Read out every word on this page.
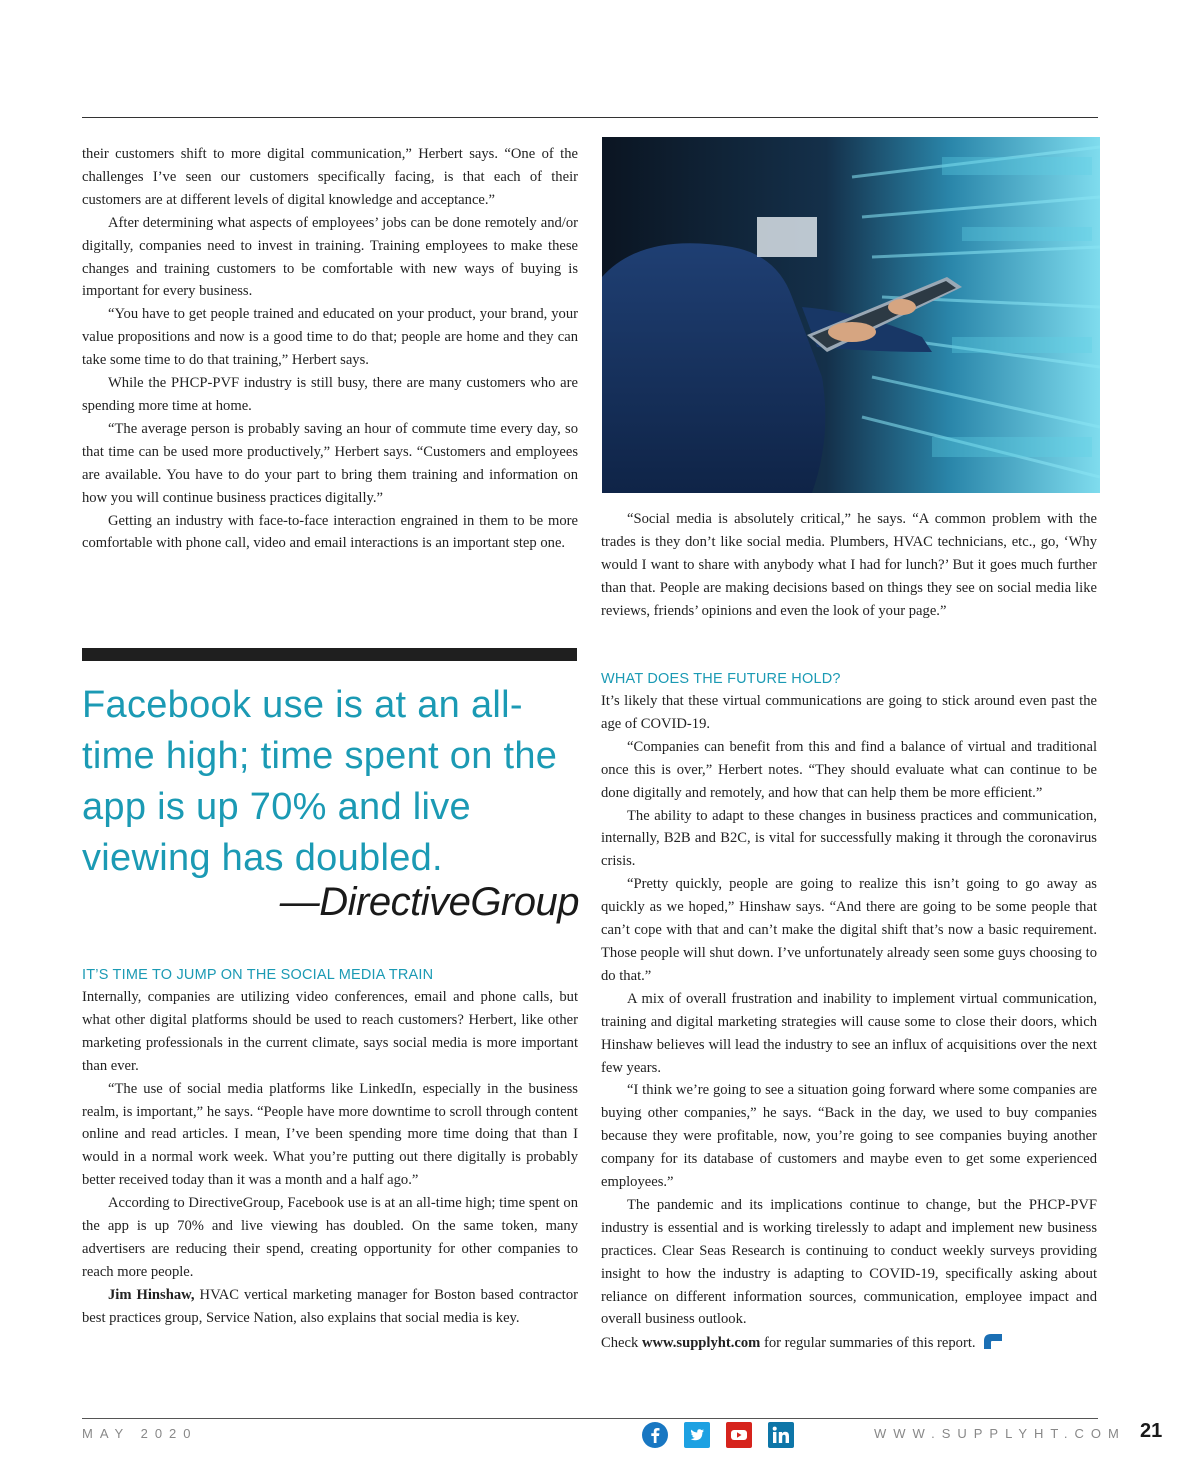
their customers shift to more digital communication,” Herbert says. “One of the challenges I’ve seen our customers specifically facing, is that each of their customers are at different levels of digital knowledge and acceptance.”

After determining what aspects of employees’ jobs can be done remotely and/or digitally, companies need to invest in training. Training employees to make these changes and training customers to be comfortable with new ways of buying is important for every business.

“You have to get people trained and educated on your product, your brand, your value propositions and now is a good time to do that; people are home and they can take some time to do that training,” Herbert says.

While the PHCP-PVF industry is still busy, there are many customers who are spending more time at home.

“The average person is probably saving an hour of commute time every day, so that time can be used more productively,” Herbert says. “Customers and employees are available. You have to do your part to bring them training and information on how you will continue business practices digitally.”

Getting an industry with face-to-face interaction engrained in them to be more comfortable with phone call, video and email interactions is an important step one.

Facebook use is at an all-time high; time spent on the app is up 70% and live viewing has doubled.
—DirectiveGroup
IT’S TIME TO JUMP ON THE SOCIAL MEDIA TRAIN

Internally, companies are utilizing video conferences, email and phone calls, but what other digital platforms should be used to reach customers? Herbert, like other marketing professionals in the current climate, says social media is more important than ever.

“The use of social media platforms like LinkedIn, especially in the business realm, is important,” he says. “People have more downtime to scroll through content online and read articles. I mean, I’ve been spending more time doing that than I would in a normal work week. What you’re putting out there digitally is probably better received today than it was a month and a half ago.”

According to DirectiveGroup, Facebook use is at an all-time high; time spent on the app is up 70% and live viewing has doubled. On the same token, many advertisers are reducing their spend, creating opportunity for other companies to reach more people.

Jim Hinshaw, HVAC vertical marketing manager for Boston based contractor best practices group, Service Nation, also explains that social media is key.

“Social media is absolutely critical,” he says. “A common problem with the trades is they don’t like social media. Plumbers, HVAC technicians, etc., go, ‘Why would I want to share with anybody what I had for lunch?’ But it goes much further than that. People are making decisions based on things they see on social media like reviews, friends’ opinions and even the look of your page.”

WHAT DOES THE FUTURE HOLD?

It’s likely that these virtual communications are going to stick around even past the age of COVID-19.

“Companies can benefit from this and find a balance of virtual and traditional once this is over,” Herbert notes. “They should evaluate what can continue to be done digitally and remotely, and how that can help them be more efficient.”

The ability to adapt to these changes in business practices and communication, internally, B2B and B2C, is vital for successfully making it through the coronavirus crisis.

“Pretty quickly, people are going to realize this isn’t going to go away as quickly as we hoped,” Hinshaw says. “And there are going to be some people that can’t cope with that and can’t make the digital shift that’s now a basic requirement. Those people will shut down. I’ve unfortunately already seen some guys choosing to do that.”

A mix of overall frustration and inability to implement virtual communication, training and digital marketing strategies will cause some to close their doors, which Hinshaw believes will lead the industry to see an influx of acquisitions over the next few years.

“I think we’re going to see a situation going forward where some companies are buying other companies,” he says. “Back in the day, we used to buy companies because they were profitable, now, you’re going to see companies buying another company for its database of customers and maybe even to get some experienced employees.”

The pandemic and its implications continue to change, but the PHCP-PVF industry is essential and is working tirelessly to adapt and implement new business practices. Clear Seas Research is continuing to conduct weekly surveys providing insight to how the industry is adapting to COVID-19, specifically asking about reliance on different information sources, communication, employee impact and overall business outlook.

Check www.supplyht.com for regular summaries of this report.

MAY 2020	WWW.SUPPLYHT.COM 21
